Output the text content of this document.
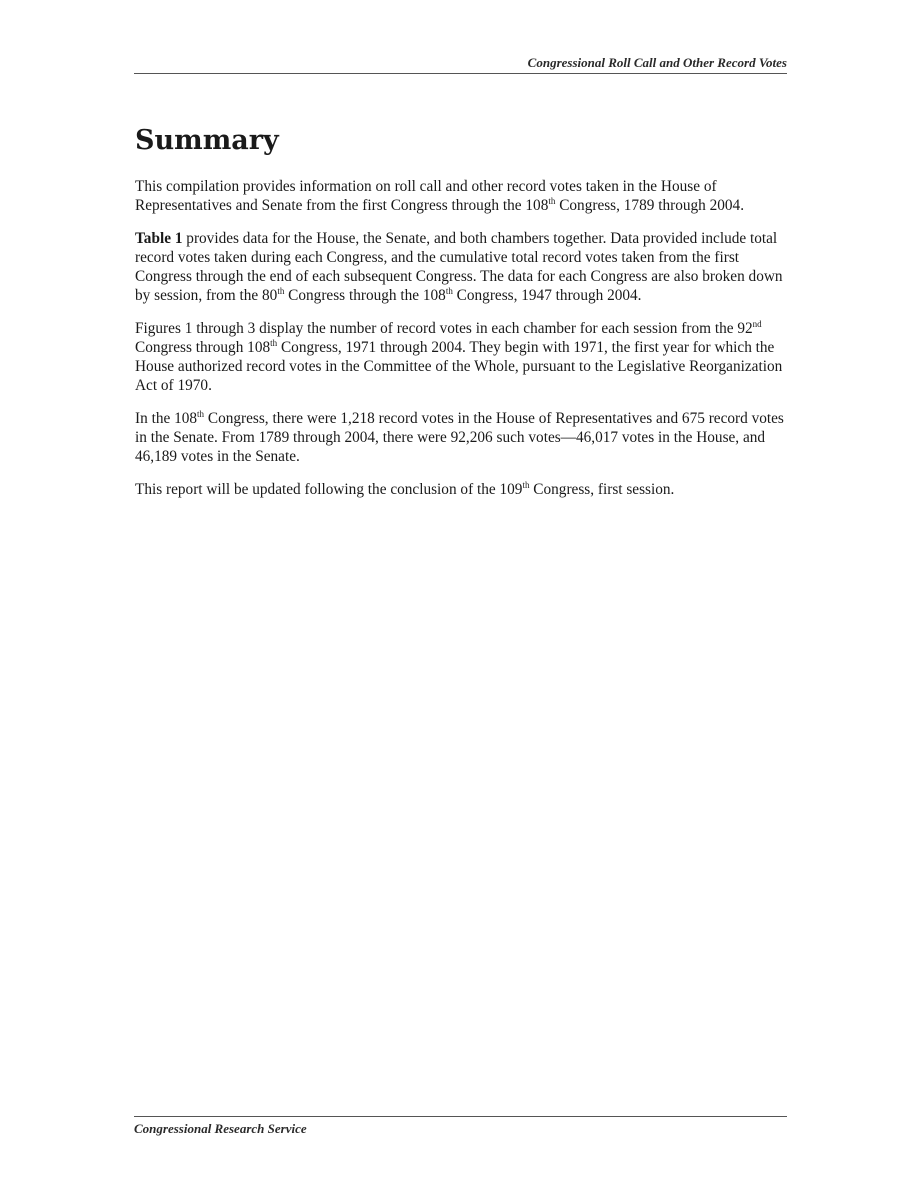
Congressional Roll Call and Other Record Votes
Summary

This compilation provides information on roll call and other record votes taken in the House of Representatives and Senate from the first Congress through the 108th Congress, 1789 through 2004.

Table 1 provides data for the House, the Senate, and both chambers together. Data provided include total record votes taken during each Congress, and the cumulative total record votes taken from the first Congress through the end of each subsequent Congress. The data for each Congress are also broken down by session, from the 80th Congress through the 108th Congress, 1947 through 2004.

Figures 1 through 3 display the number of record votes in each chamber for each session from the 92nd Congress through 108th Congress, 1971 through 2004. They begin with 1971, the first year for which the House authorized record votes in the Committee of the Whole, pursuant to the Legislative Reorganization Act of 1970.

In the 108th Congress, there were 1,218 record votes in the House of Representatives and 675 record votes in the Senate. From 1789 through 2004, there were 92,206 such votes—46,017 votes in the House, and 46,189 votes in the Senate.

This report will be updated following the conclusion of the 109th Congress, first session.

Congressional Research Service
